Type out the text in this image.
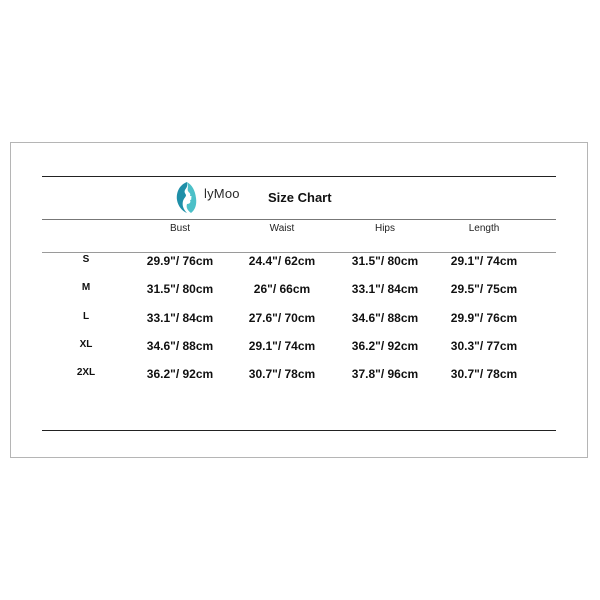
lyMoo Size Chart
Bust	Waist	Hips	Length
S	29.9"/ 76cm	24.4"/ 62cm	31.5"/ 80cm	29.1"/ 74cm
M	31.5"/ 80cm	26"/ 66cm	33.1"/ 84cm	29.5"/ 75cm
L	33.1"/ 84cm	27.6"/ 70cm	34.6"/ 88cm	29.9"/ 76cm
XL	34.6"/ 88cm	29.1"/ 74cm	36.2"/ 92cm	30.3"/ 77cm
2XL	36.2"/ 92cm	30.7"/ 78cm	37.8"/ 96cm	30.7"/ 78cm
